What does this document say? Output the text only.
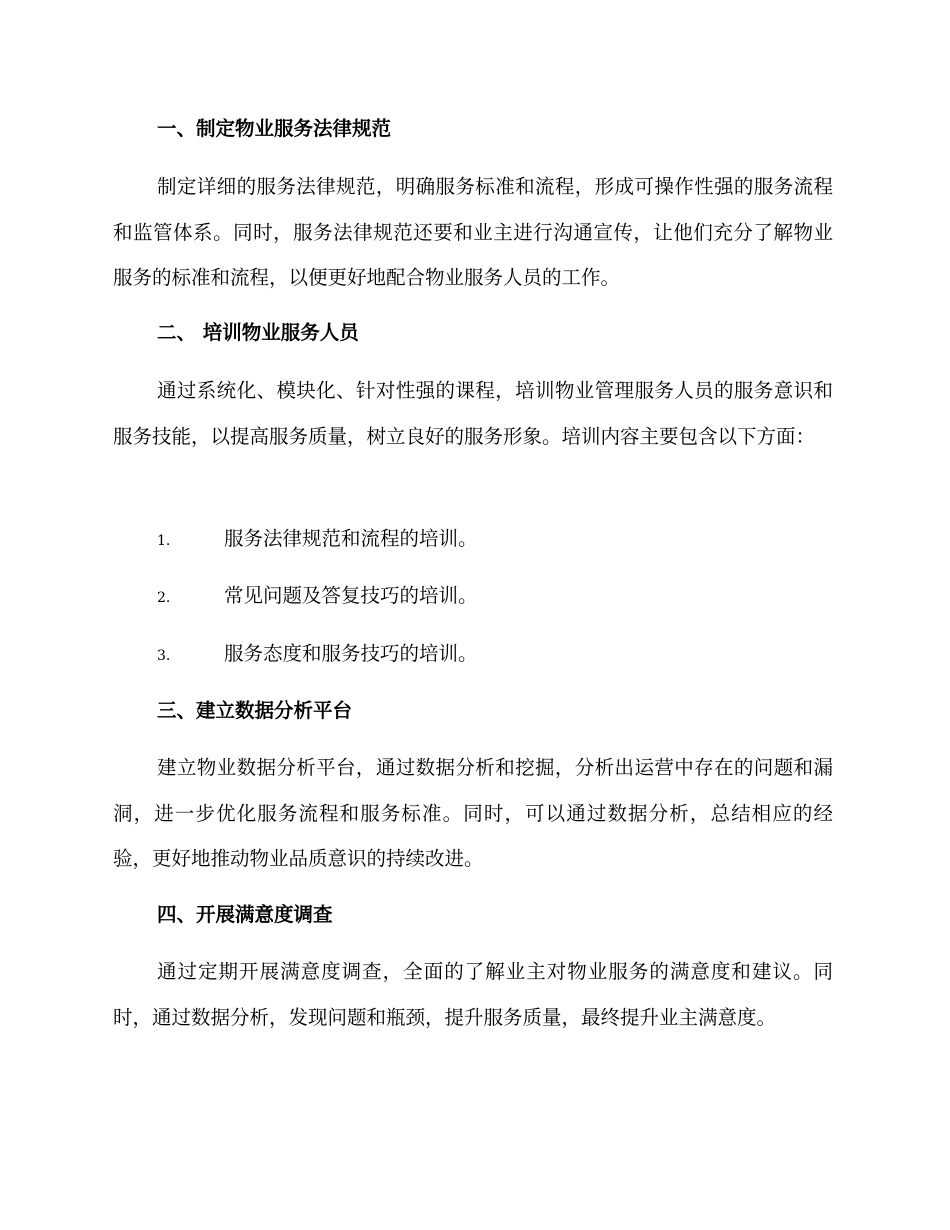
一、制定物业服务法律规范

制定详细的服务法律规范，明确服务标准和流程，形成可操作性强的服务流程和监管体系。同时，服务法律规范还要和业主进行沟通宣传，让他们充分了解物业服务的标准和流程，以便更好地配合物业服务人员的工作。

二、 培训物业服务人员

通过系统化、模块化、针对性强的课程，培训物业管理服务人员的服务意识和服务技能，以提高服务质量，树立良好的服务形象。培训内容主要包含以下方面：

1.	服务法律规范和流程的培训。
2.	常见问题及答复技巧的培训。
3.	服务态度和服务技巧的培训。
三、建立数据分析平台

建立物业数据分析平台，通过数据分析和挖掘，分析出运营中存在的问题和漏洞，进一步优化服务流程和服务标准。同时，可以通过数据分析，总结相应的经验，更好地推动物业品质意识的持续改进。

四、开展满意度调查

通过定期开展满意度调查，全面的了解业主对物业服务的满意度和建议。同时，通过数据分析，发现问题和瓶颈，提升服务质量，最终提升业主满意度。
